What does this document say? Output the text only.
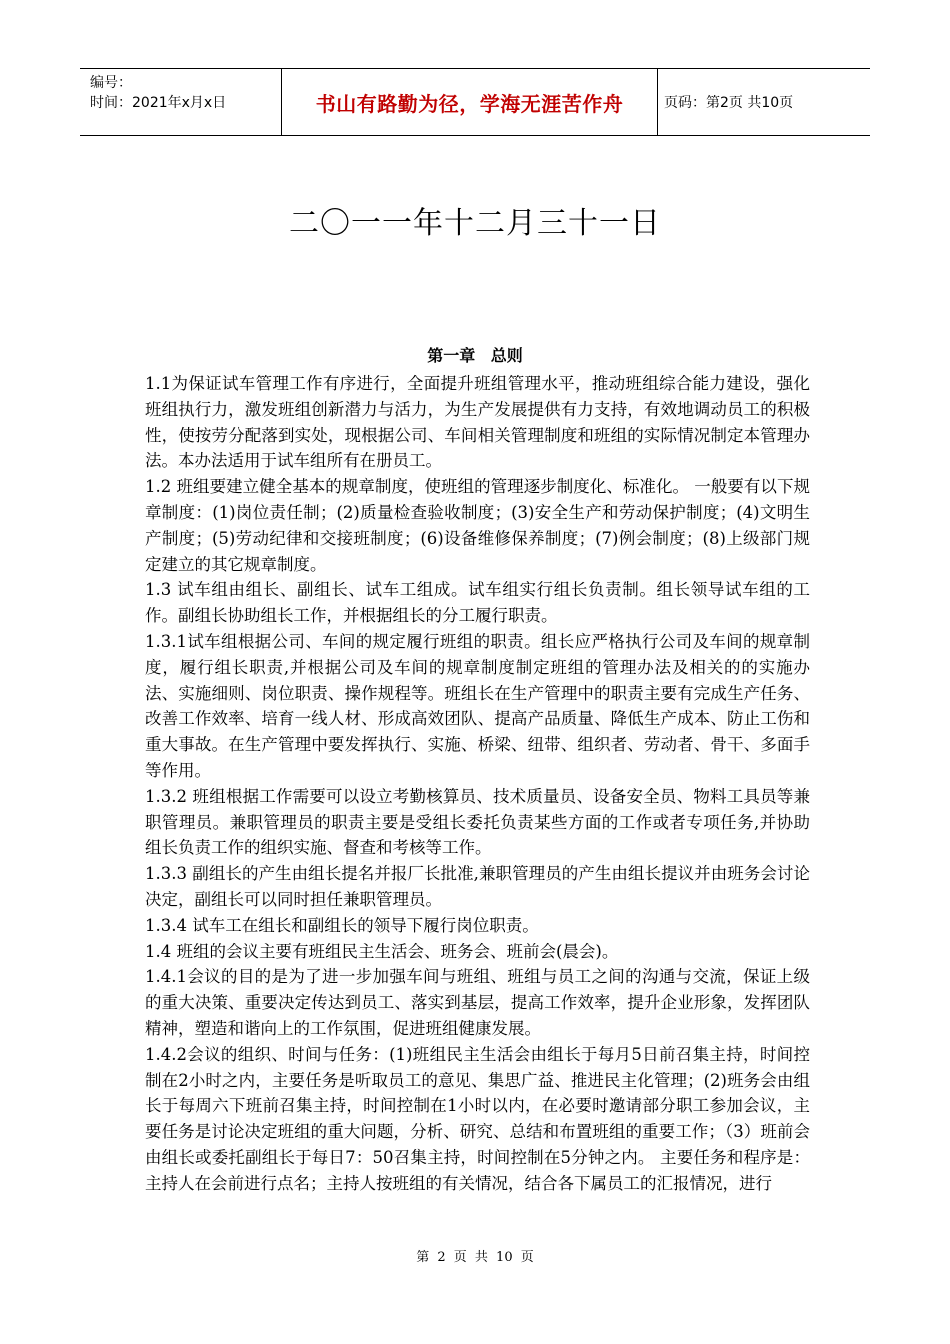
编号：
时间：2021年x月x日	书山有路勤为径，学海无涯苦作舟	页码：第2页 共10页
二〇一一年十二月三十一日
第一章 总则

1.1为保证试车管理工作有序进行，全面提升班组管理水平，推动班组综合能力建设，强化班组执行力，激发班组创新潜力与活力，为生产发展提供有力支持，有效地调动员工的积极性，使按劳分配落到实处，现根据公司、车间相关管理制度和班组的实际情况制定本管理办法。本办法适用于试车组所有在册员工。

1.2 班组要建立健全基本的规章制度，使班组的管理逐步制度化、标准化。 一般要有以下规章制度：(1)岗位责任制；(2)质量检查验收制度；(3)安全生产和劳动保护制度；(4)文明生产制度；(5)劳动纪律和交接班制度；(6)设备维修保养制度；(7)例会制度；(8)上级部门规定建立的其它规章制度。

1.3 试车组由组长、副组长、试车工组成。试车组实行组长负责制。组长领导试车组的工作。副组长协助组长工作，并根据组长的分工履行职责。

1.3.1试车组根据公司、车间的规定履行班组的职责。组长应严格执行公司及车间的规章制度，履行组长职责,并根据公司及车间的规章制度制定班组的管理办法及相关的的实施办法、实施细则、岗位职责、操作规程等。班组长在生产管理中的职责主要有完成生产任务、改善工作效率、培育一线人材、形成高效团队、提高产品质量、降低生产成本、防止工伤和重大事故。在生产管理中要发挥执行、实施、桥梁、纽带、组织者、劳动者、骨干、多面手等作用。

1.3.2 班组根据工作需要可以设立考勤核算员、技术质量员、设备安全员、物料工具员等兼职管理员。兼职管理员的职责主要是受组长委托负责某些方面的工作或者专项任务,并协助组长负责工作的组织实施、督查和考核等工作。

1.3.3 副组长的产生由组长提名并报厂长批准,兼职管理员的产生由组长提议并由班务会讨论决定，副组长可以同时担任兼职管理员。

1.3.4 试车工在组长和副组长的领导下履行岗位职责。

1.4 班组的会议主要有班组民主生活会、班务会、班前会(晨会)。

1.4.1会议的目的是为了进一步加强车间与班组、班组与员工之间的沟通与交流，保证上级的重大决策、重要决定传达到员工、落实到基层，提高工作效率，提升企业形象，发挥团队精神，塑造和谐向上的工作氛围，促进班组健康发展。

1.4.2会议的组织、时间与任务：(1)班组民主生活会由组长于每月5日前召集主持，时间控制在2小时之内，主要任务是听取员工的意见、集思广益、推进民主化管理；(2)班务会由组长于每周六下班前召集主持，时间控制在1小时以内，在必要时邀请部分职工参加会议，主要任务是讨论决定班组的重大问题，分析、研究、总结和布置班组的重要工作；（3）班前会由组长或委托副组长于每日7：50召集主持，时间控制在5分钟之内。 主要任务和程序是：主持人在会前进行点名；主持人按班组的有关情况，结合各下属员工的汇报情况，进行

第 2 页 共 10 页
